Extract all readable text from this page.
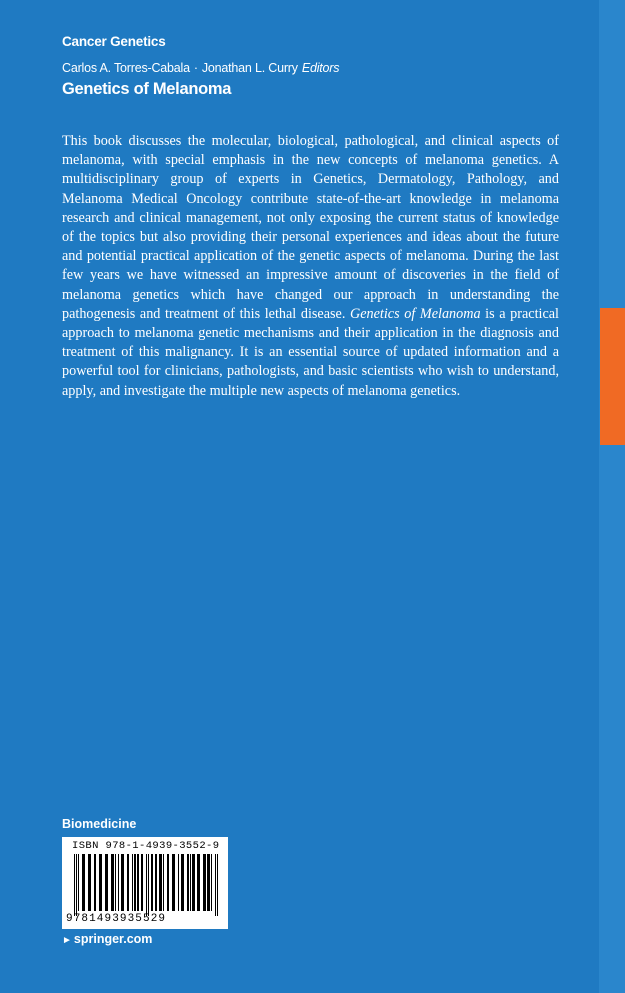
Cancer Genetics
Carlos A. Torres-Cabala · Jonathan L. Curry Editors
Genetics of Melanoma
This book discusses the molecular, biological, pathological, and clinical aspects of melanoma, with special emphasis in the new concepts of melanoma genetics. A multidisciplinary group of experts in Genetics, Dermatology, Pathology, and Melanoma Medical Oncology contribute state-of-the-art knowledge in melanoma research and clinical management, not only exposing the current status of knowledge of the topics but also providing their personal experiences and ideas about the future and potential practical application of the genetic aspects of melanoma. During the last few years we have witnessed an impressive amount of discoveries in the field of melanoma genetics which have changed our approach in understanding the pathogenesis and treatment of this lethal disease. Genetics of Melanoma is a practical approach to melanoma genetic mechanisms and their application in the diagnosis and treatment of this malignancy. It is an essential source of updated information and a powerful tool for clinicians, pathologists, and basic scientists who wish to understand, apply, and investigate the multiple new aspects of melanoma genetics.
Biomedicine
ISBN 978-1-4939-3552-9
9781493935529
► springer.com
